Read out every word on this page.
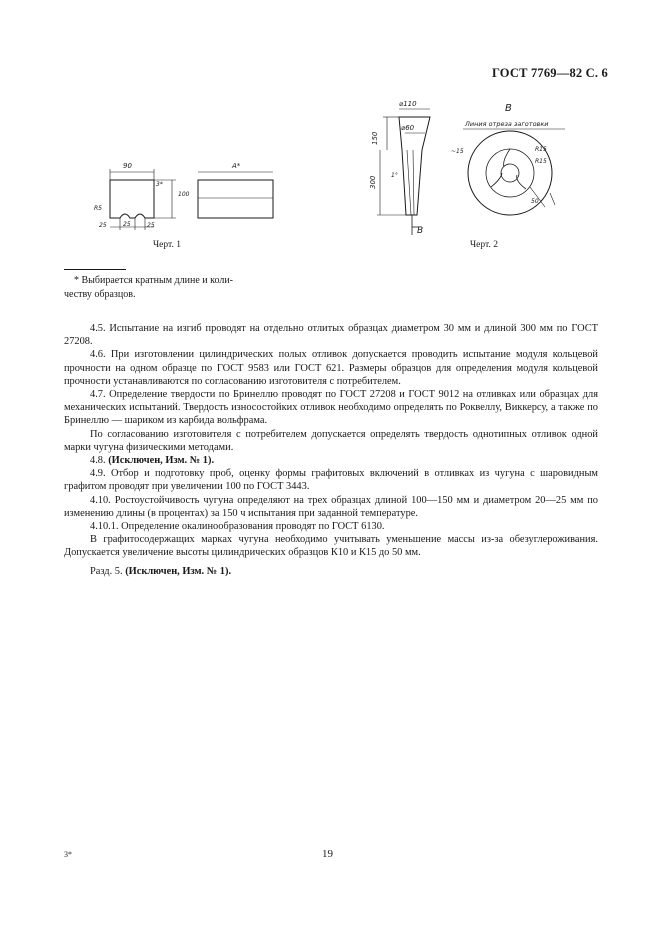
ГОСТ 7769—82 С. 6
90
3*
100
R5
25	25	25
A*
Черт. 1
⌀110
⌀60
150
300
1°
B
B
Линия отреза заготовки
~15	R15
R15
50
Черт. 2
* Выбирается кратным длине и коли-
честву образцов.

4.5. Испытание на изгиб проводят на отдельно отлитых образцах диаметром 30 мм и длиной 300 мм по ГОСТ 27208.

4.6. При изготовлении цилиндрических полых отливок допускается проводить испытание модуля кольцевой прочности на одном образце по ГОСТ 9583 или ГОСТ 621. Размеры образцов для определения модуля кольцевой прочности устанавливаются по согласованию изготовителя с потребителем.

4.7. Определение твердости по Бринеллю проводят по ГОСТ 27208 и ГОСТ 9012 на отливках или образцах для механических испытаний. Твердость износостойких отливок необходимо определять по Роквеллу, Виккерсу, а также по Бринеллю — шариком из карбида вольфрама.

По согласованию изготовителя с потребителем допускается определять твердость однотипных отливок одной марки чугуна физическими методами.

4.8. (Исключен, Изм. № 1).

4.9. Отбор и подготовку проб, оценку формы графитовых включений в отливках из чугуна с шаровидным графитом проводят при увеличении 100 по ГОСТ 3443.

4.10. Ростоустойчивость чугуна определяют на трех образцах длиной 100—150 мм и диаметром 20—25 мм по изменению длины (в процентах) за 150 ч испытания при заданной температуре.

4.10.1. Определение окалинообразования проводят по ГОСТ 6130.

В графитосодержащих марках чугуна необходимо учитывать уменьшение массы из-за обезуглероживания. Допускается увеличение высоты цилиндрических образцов К10 и К15 до 50 мм.

Разд. 5. (Исключен, Изм. № 1).

3*	19
